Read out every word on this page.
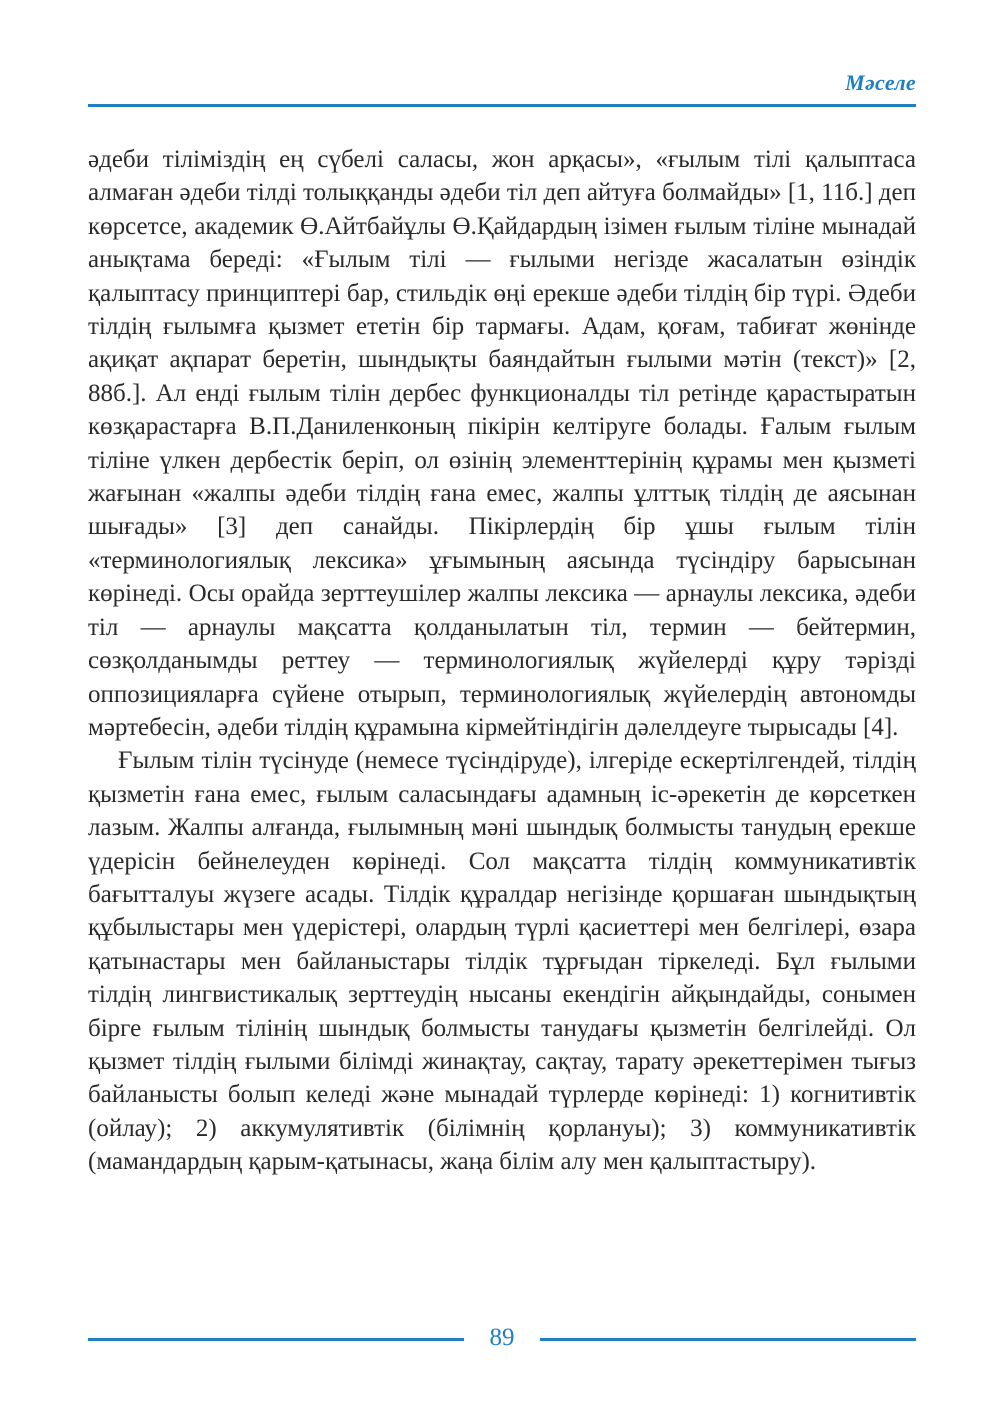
Мәселе

әдеби тіліміздің ең сүбелі саласы, жон арқасы», «ғылым тілі қалыптаса алмаған әдеби тілді толыққанды әдеби тіл деп айтуға болмайды» [1, 11б.] деп көрсетсе, академик Ө.Айтбайұлы Ө.Қайдардың ізімен ғылым тіліне мынадай анықтама береді: «Ғылым тілі — ғылыми негізде жасалатын өзіндік қалыптасу принциптері бар, стильдік өңі ерекше әдеби тілдің бір түрі. Әдеби тілдің ғылымға қызмет ететін бір тармағы. Адам, қоғам, табиғат жөнінде ақиқат ақпарат беретін, шындықты баяндайтын ғылыми мәтін (текст)» [2, 88б.]. Ал енді ғылым тілін дербес функционалды тіл ретінде қарастыратын көзқарастарға В.П.Даниленконың пікірін келтіруге болады. Ғалым ғылым тіліне үлкен дербестік беріп, ол өзінің элементтерінің құрамы мен қызметі жағынан «жалпы әдеби тілдің ғана емес, жалпы ұлттық тілдің де аясынан шығады» [3] деп санайды. Пікірлердің бір ұшы ғылым тілін «терминологиялық лексика» ұғымының аясында түсіндіру барысынан көрінеді. Осы орайда зерттеушілер жалпы лексика — арнаулы лексика, әдеби тіл — арнаулы мақсатта қолданылатын тіл, термин — бейтермин, сөзқолданымды реттеу — терминологиялық жүйелерді құру тәрізді оппозицияларға сүйене отырып, терминологиялық жүйелердің автономды мәртебесін, әдеби тілдің құрамына кірмейтіндігін дәлелдеуге тырысады [4].

Ғылым тілін түсінуде (немесе түсіндіруде), ілгеріде ескертілгендей, тілдің қызметін ғана емес, ғылым саласындағы адамның іс-әрекетін де көрсеткен лазым. Жалпы алғанда, ғылымның мәні шындық болмысты танудың ерекше үдерісін бейнелеуден көрінеді. Сол мақсатта тілдің коммуникативтік бағытталуы жүзеге асады. Тілдік құралдар негізінде қоршаған шындықтың құбылыстары мен үдерістері, олардың түрлі қасиеттері мен белгілері, өзара қатынастары мен байланыстары тілдік тұрғыдан тіркеледі. Бұл ғылыми тілдің лингвистикалық зерттеудің нысаны екендігін айқындайды, сонымен бірге ғылым тілінің шындық болмысты танудағы қызметін белгілейді. Ол қызмет тілдің ғылыми білімді жинақтау, сақтау, тарату әрекеттерімен тығыз байланысты болып келеді және мынадай түрлерде көрінеді: 1) когнитивтік (ойлау); 2) аккумулятивтік (білімнің қорлануы); 3) коммуникативтік (мамандардың қарым-қатынасы, жаңа білім алу мен қалыптастыру).

89
